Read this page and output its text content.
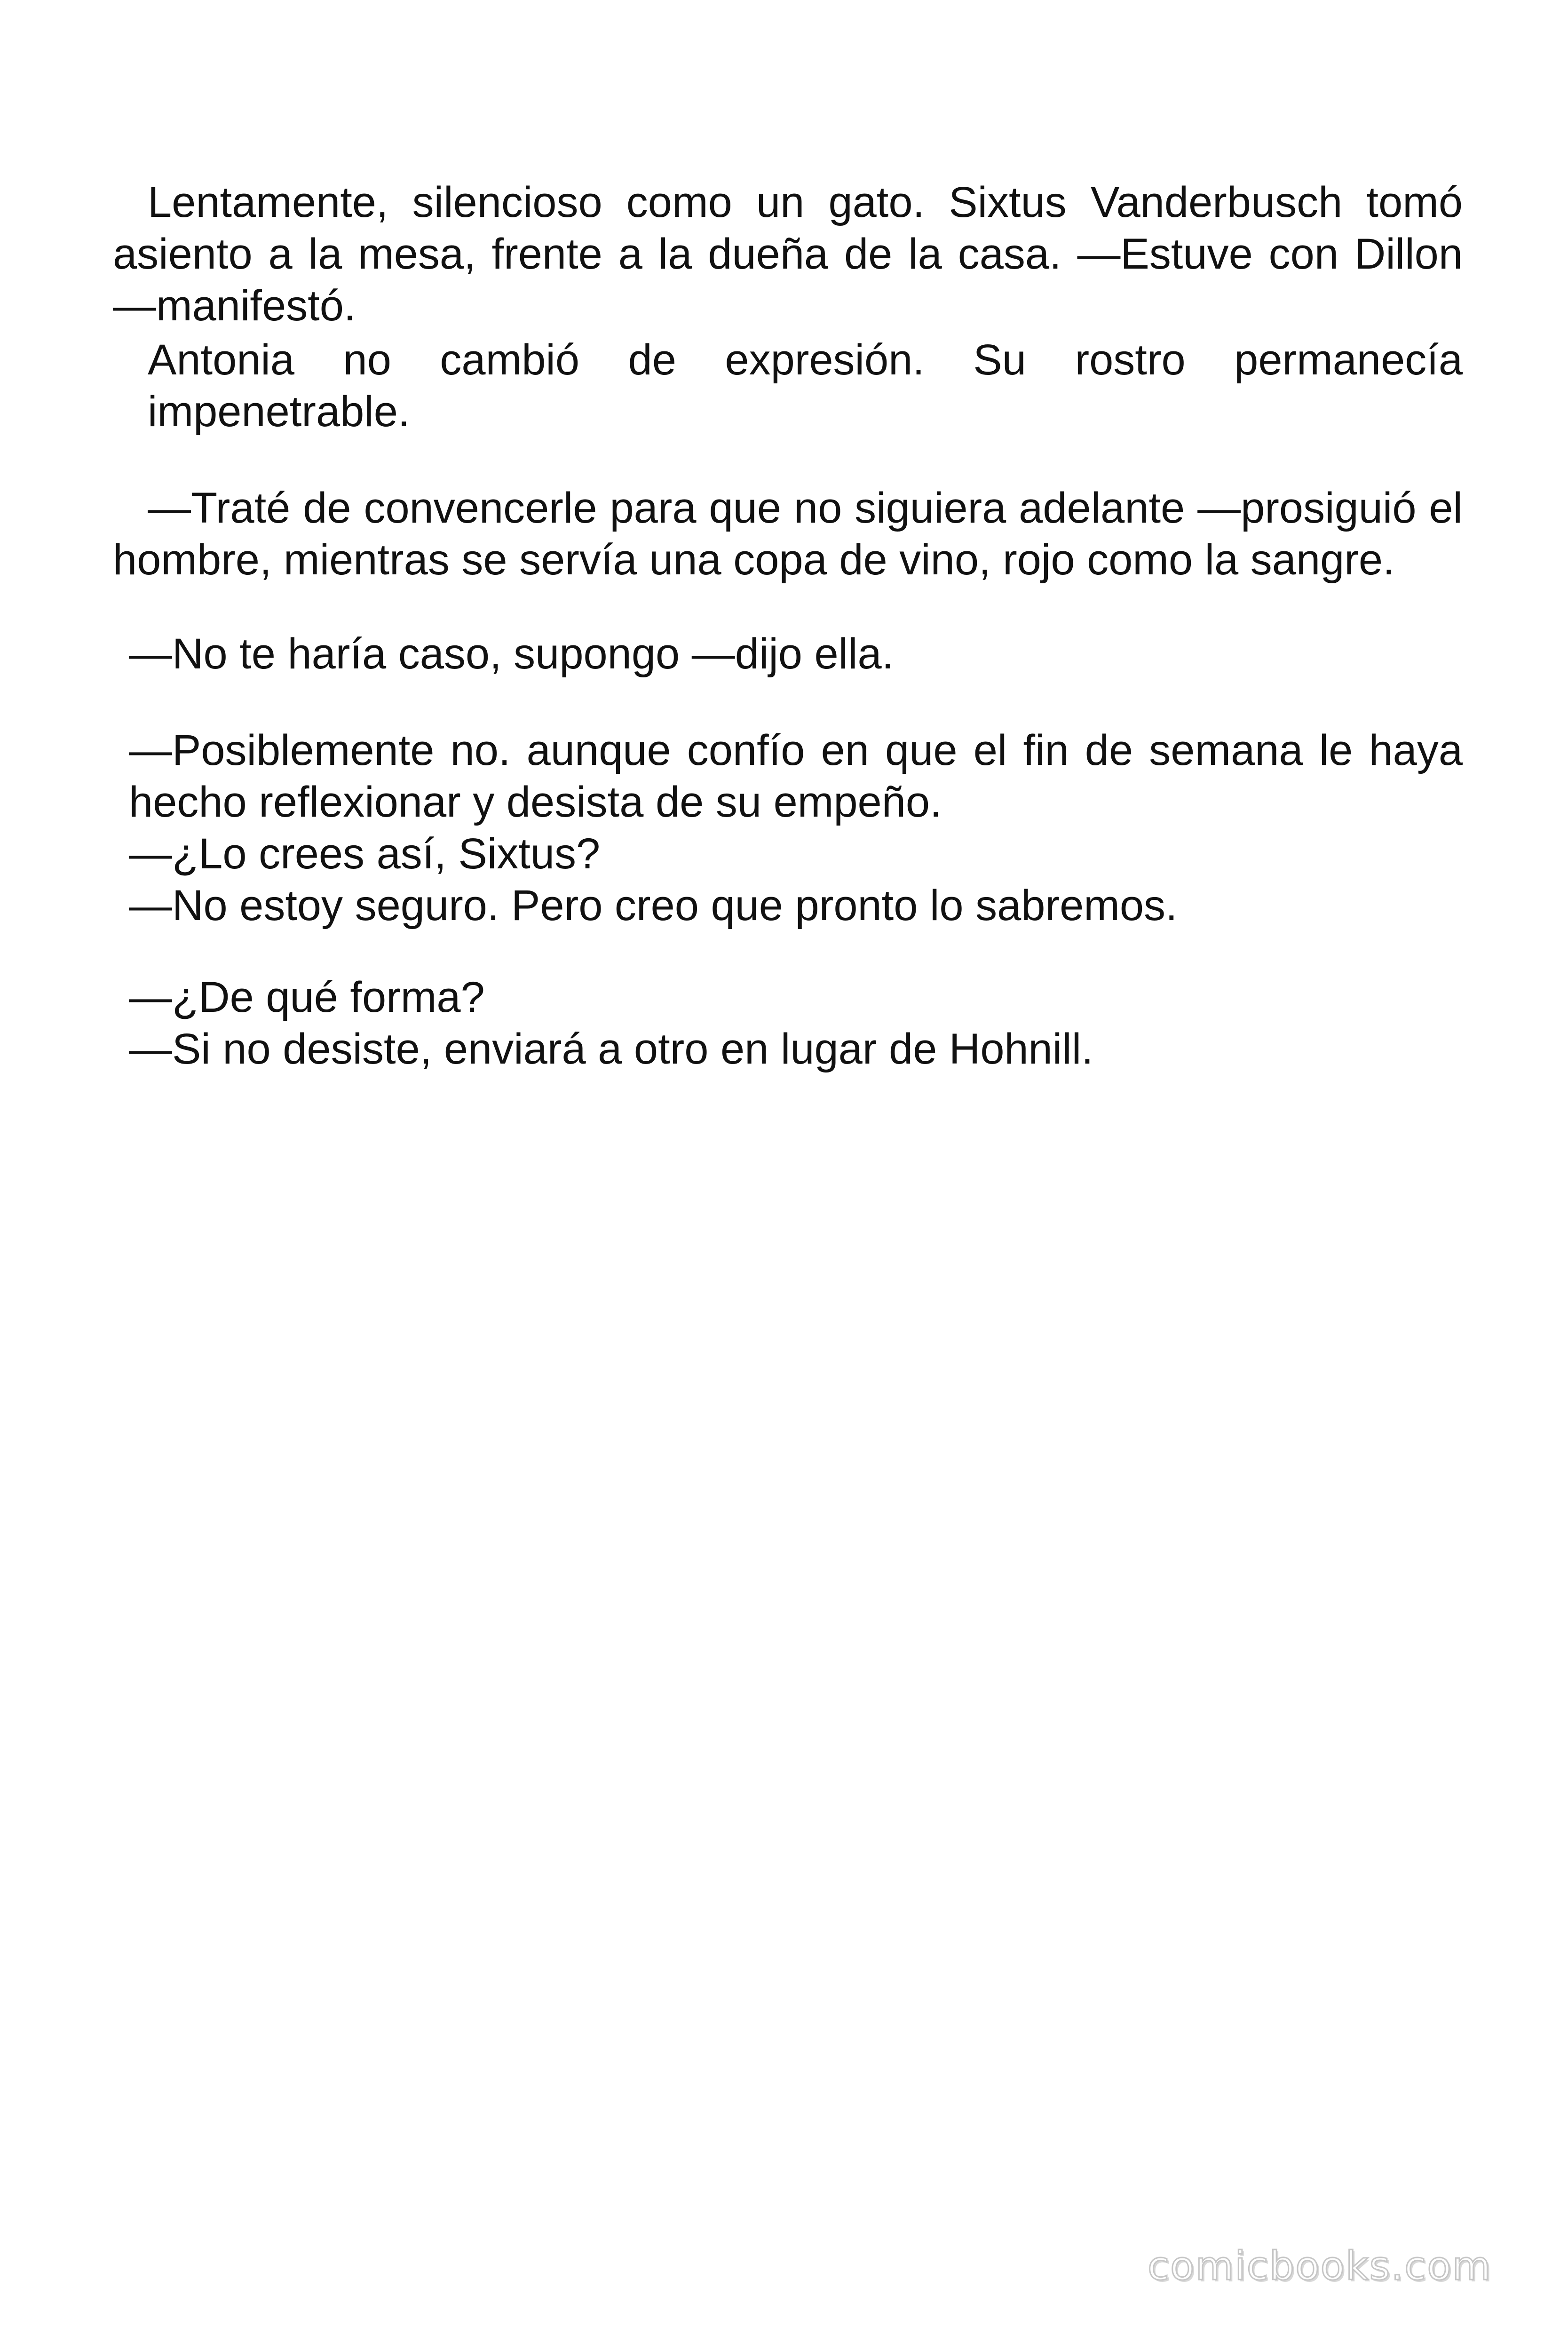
Lentamente, silencioso como un gato. Sixtus Vanderbusch tomó asiento a la mesa, frente a la dueña de la casa. —Estuve con Dillon —manifestó.

Antonia no cambió de expresión. Su rostro permanecía impenetrable.

—Traté de convencerle para que no siguiera adelante —prosiguió el hombre, mientras se servía una copa de vino, rojo como la sangre.

—No te haría caso, supongo —dijo ella.

—Posiblemente no. aunque confío en que el fin de semana le haya hecho reflexionar y desista de su empeño.

—¿Lo crees así, Sixtus?

—No estoy seguro. Pero creo que pronto lo sabremos.

—¿De qué forma?

—Si no desiste, enviará a otro en lugar de Hohnill.

comicbooks.com
